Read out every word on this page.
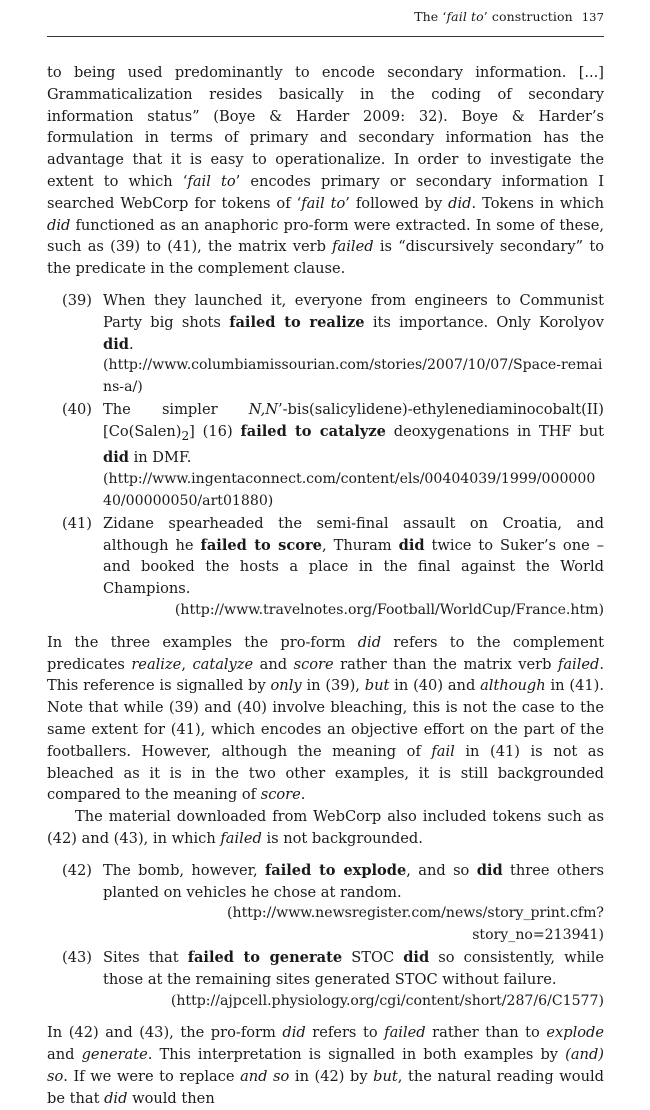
The ‘fail to’ construction 137

to being used predominantly to encode secondary information. [...] Grammaticalization resides basically in the coding of secondary information status” (Boye & Harder 2009: 32). Boye & Harder’s formulation in terms of primary and secondary information has the advantage that it is easy to operationalize. In order to investigate the extent to which ‘fail to’ encodes primary or secondary information I searched WebCorp for tokens of ‘fail to’ followed by did. Tokens in which did functioned as an anaphoric pro-form were extracted. In some of these, such as (39) to (41), the matrix verb failed is “discursively secondary” to the predicate in the complement clause.

(39) When they launched it, everyone from engineers to Communist Party big shots failed to realize its importance. Only Korolyov did.
(http://www.columbiamissourian.com/stories/2007/10/07/Space-remains-a/)
(40) The simpler N,N’-bis(salicylidene)-ethylenediaminocobalt(II) $[Co(Salen)_2]$ (16) failed to catalyze deoxygenations in THF but did in DMF.
(http://www.ingentaconnect.com/content/els/00404039/1999/00000040/00000050/art01880)
(41) Zidane spearheaded the semi-final assault on Croatia, and although he failed to score, Thuram did twice to Suker’s one – and booked the hosts a place in the final against the World Champions.
(http://www.travelnotes.org/Football/WorldCup/France.htm)

In the three examples the pro-form did refers to the complement predicates realize, catalyze and score rather than the matrix verb failed. This reference is signalled by only in (39), but in (40) and although in (41). Note that while (39) and (40) involve bleaching, this is not the case to the same extent for (41), which encodes an objective effort on the part of the footballers. However, although the meaning of fail in (41) is not as bleached as it is in the two other examples, it is still backgrounded compared to the meaning of score.

The material downloaded from WebCorp also included tokens such as (42) and (43), in which failed is not backgrounded.

(42) The bomb, however, failed to explode, and so did three others planted on vehicles he chose at random.
(http://www.newsregister.com/news/story_print.cfm?story_no=213941)
(43) Sites that failed to generate STOC did so consistently, while those at the remaining sites generated STOC without failure.
(http://ajpcell.physiology.org/cgi/content/short/287/6/C1577)

In (42) and (43), the pro-form did refers to failed rather than to explode and generate. This interpretation is signalled in both examples by (and) so. If we were to replace and so in (42) by but, the natural reading would be that did would then
